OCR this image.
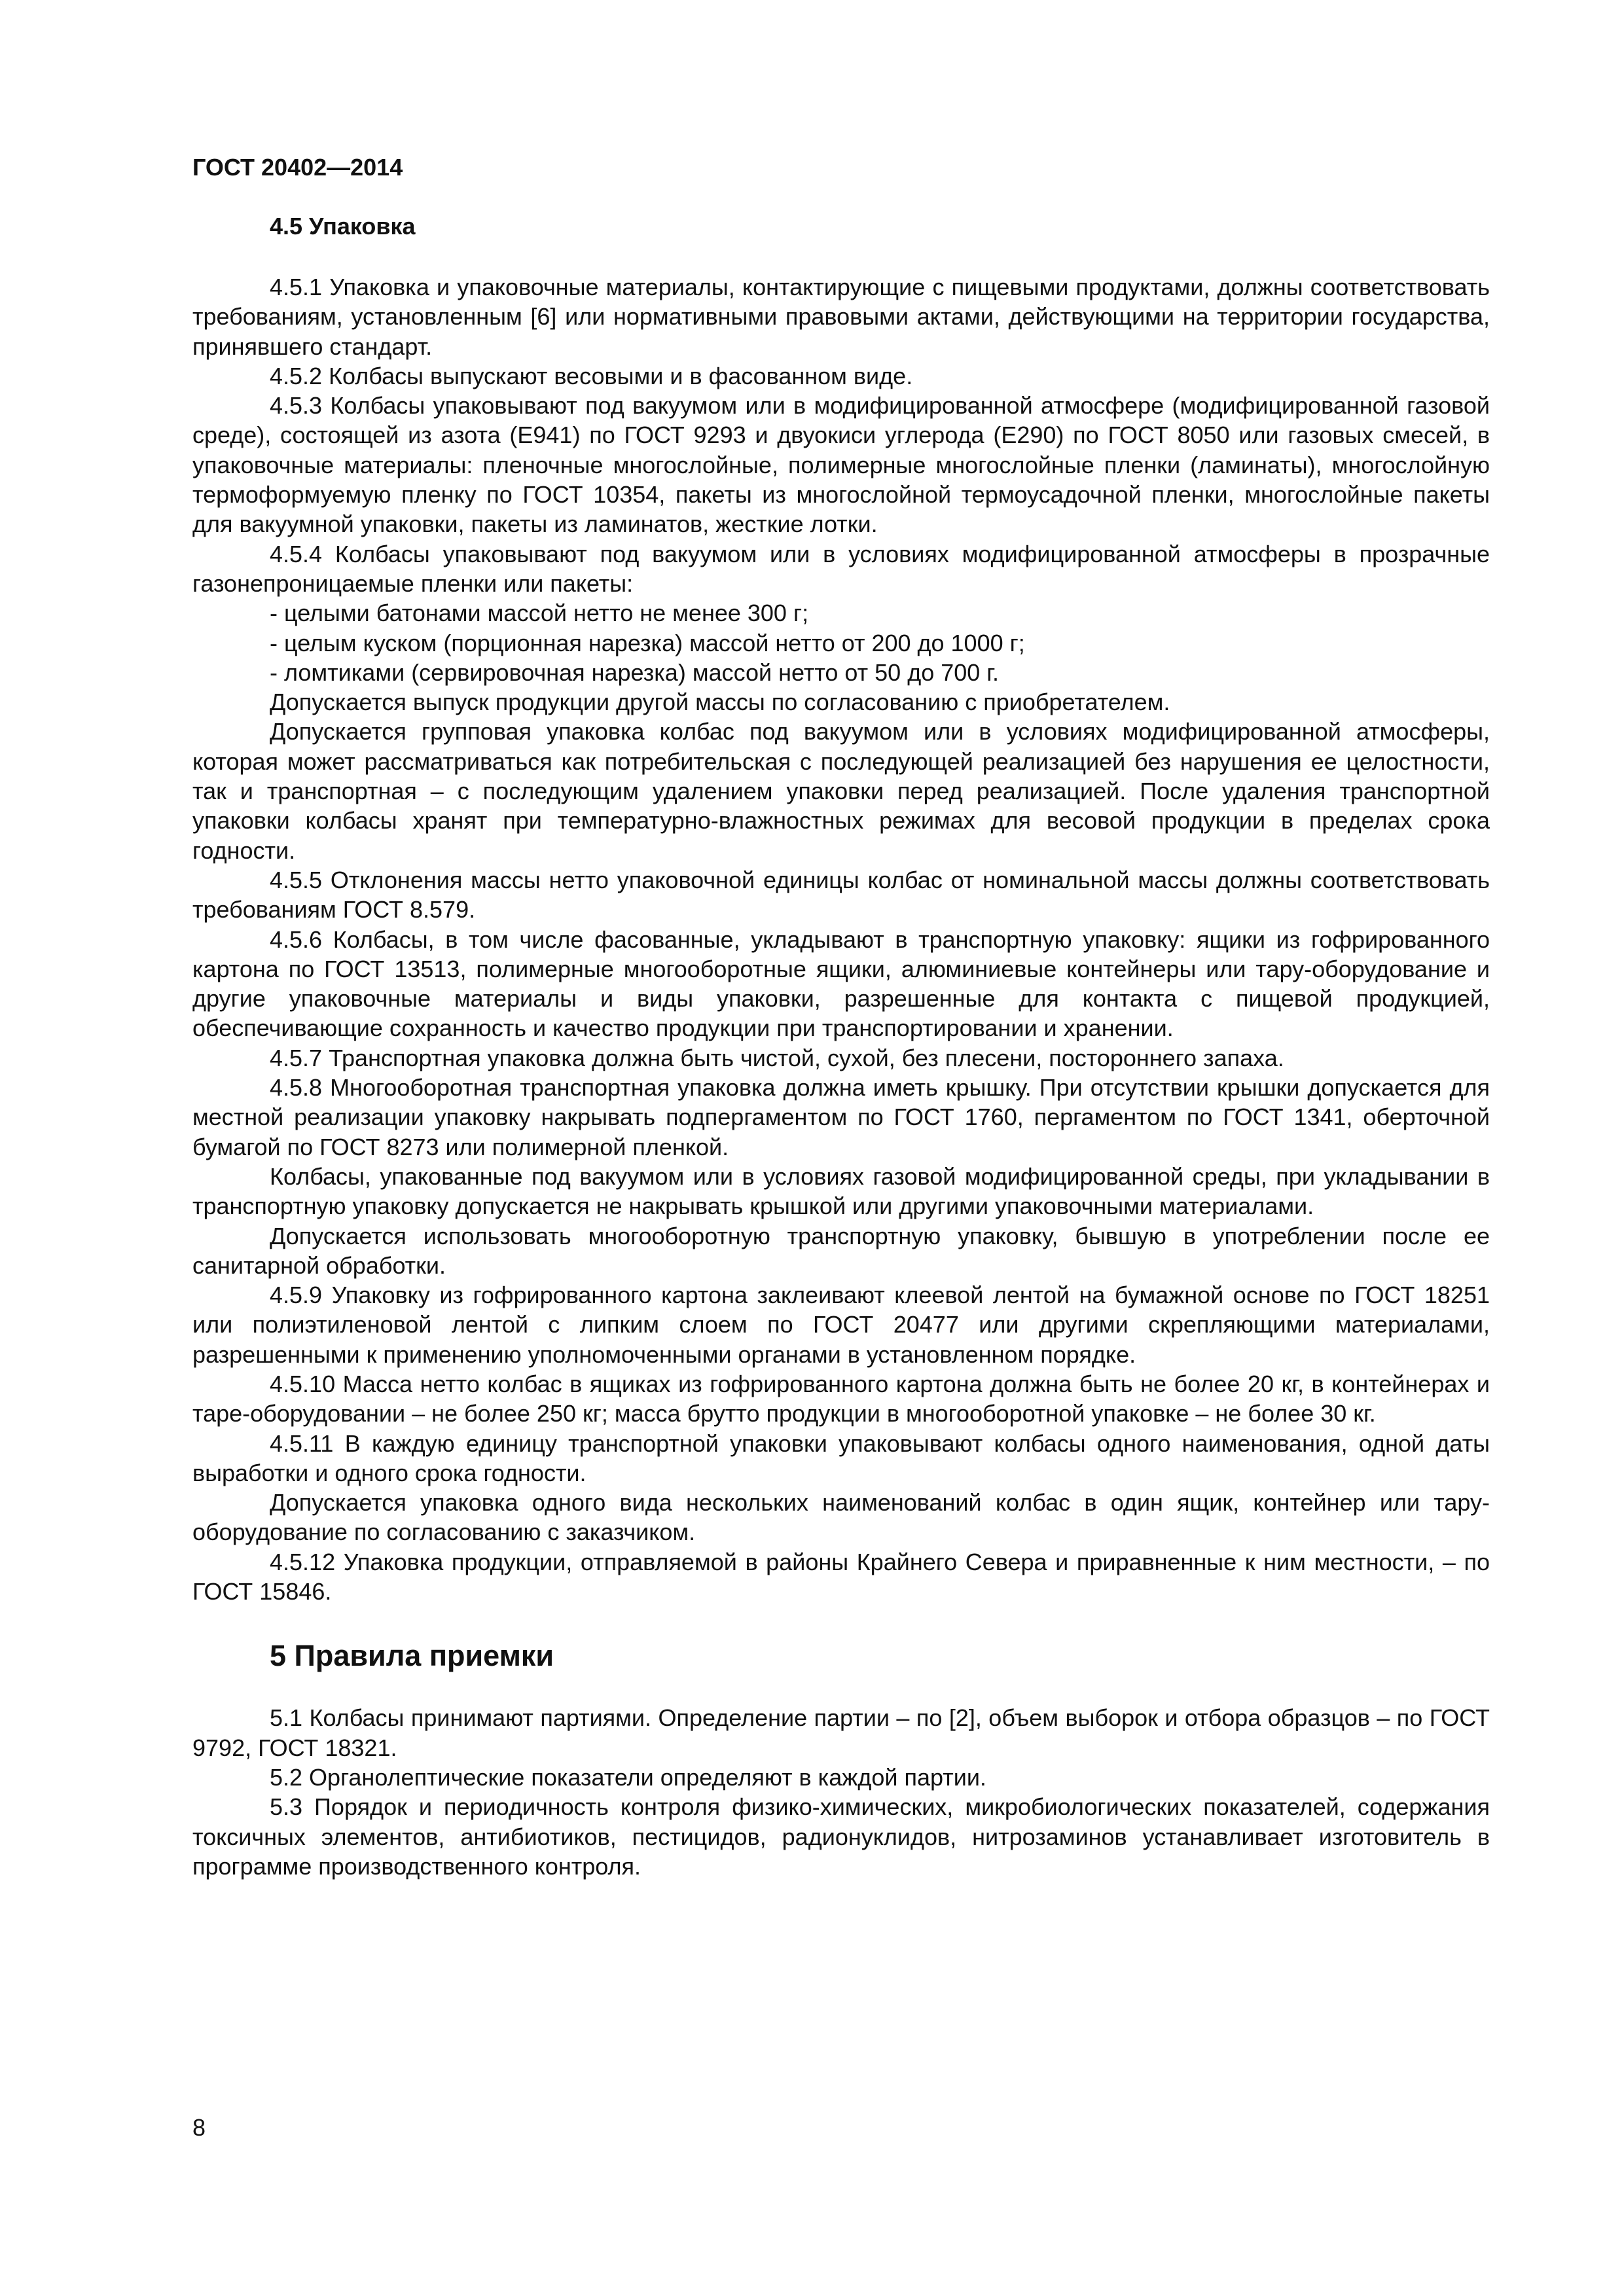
ГОСТ 20402—2014
4.5 Упаковка

4.5.1 Упаковка и упаковочные материалы, контактирующие с пищевыми продуктами, должны соответствовать требованиям, установленным [6] или нормативными правовыми актами, действующими на территории государства, принявшего стандарт.

4.5.2 Колбасы выпускают весовыми и в фасованном виде.

4.5.3 Колбасы упаковывают под вакуумом или в модифицированной атмосфере (модифицированной газовой среде), состоящей из азота (Е941) по ГОСТ 9293 и двуокиси углерода (Е290) по ГОСТ 8050 или газовых смесей, в упаковочные материалы: пленочные многослойные, полимерные многослойные пленки (ламинаты), многослойную термоформуемую пленку по ГОСТ 10354, пакеты из многослойной термоусадочной пленки, многослойные пакеты для вакуумной упаковки, пакеты из ламинатов, жесткие лотки.

4.5.4 Колбасы упаковывают под вакуумом или в условиях модифицированной атмосферы в прозрачные газонепроницаемые пленки или пакеты:

- целыми батонами массой нетто не менее 300 г;

- целым куском (порционная нарезка) массой нетто от 200 до 1000 г;

- ломтиками (сервировочная нарезка) массой нетто от 50 до 700 г.

Допускается выпуск продукции другой массы по согласованию с приобретателем.

Допускается групповая упаковка колбас под вакуумом или в условиях модифицированной атмосферы, которая может рассматриваться как потребительская с последующей реализацией без нарушения ее целостности, так и транспортная – с последующим удалением упаковки перед реализацией. После удаления транспортной упаковки колбасы хранят при температурно-влажностных режимах для весовой продукции в пределах срока годности.

4.5.5 Отклонения массы нетто упаковочной единицы колбас от номинальной массы должны соответствовать требованиям ГОСТ 8.579.

4.5.6 Колбасы, в том числе фасованные, укладывают в транспортную упаковку: ящики из гофрированного картона по ГОСТ 13513, полимерные многооборотные ящики, алюминиевые контейнеры или тару-оборудование и другие упаковочные материалы и виды упаковки, разрешенные для контакта с пищевой продукцией, обеспечивающие сохранность и качество продукции при транспортировании и хранении.

4.5.7 Транспортная упаковка должна быть чистой, сухой, без плесени, постороннего запаха.

4.5.8 Многооборотная транспортная упаковка должна иметь крышку. При отсутствии крышки допускается для местной реализации упаковку накрывать подпергаментом по ГОСТ 1760, пергаментом по ГОСТ 1341, оберточной бумагой по ГОСТ 8273 или полимерной пленкой.

Колбасы, упакованные под вакуумом или в условиях газовой модифицированной среды, при укладывании в транспортную упаковку допускается не накрывать крышкой или другими упаковочными материалами.

Допускается использовать многооборотную транспортную упаковку, бывшую в употреблении после ее санитарной обработки.

4.5.9 Упаковку из гофрированного картона заклеивают клеевой лентой на бумажной основе по ГОСТ 18251 или полиэтиленовой лентой с липким слоем по ГОСТ 20477 или другими скрепляющими материалами, разрешенными к применению уполномоченными органами в установленном порядке.

4.5.10 Масса нетто колбас в ящиках из гофрированного картона должна быть не более 20 кг, в контейнерах и таре-оборудовании – не более 250 кг; масса брутто продукции в многооборотной упаковке – не более 30 кг.

4.5.11 В каждую единицу транспортной упаковки упаковывают колбасы одного наименования, одной даты выработки и одного срока годности.

Допускается упаковка одного вида нескольких наименований колбас в один ящик, контейнер или тару-оборудование по согласованию с заказчиком.

4.5.12 Упаковка продукции, отправляемой в районы Крайнего Севера и приравненные к ним местности, – по ГОСТ 15846.

5 Правила приемки

5.1 Колбасы принимают партиями. Определение партии – по [2], объем выборок и отбора образцов – по ГОСТ 9792, ГОСТ 18321.

5.2 Органолептические показатели определяют в каждой партии.

5.3 Порядок и периодичность контроля физико-химических, микробиологических показателей, содержания токсичных элементов, антибиотиков, пестицидов, радионуклидов, нитрозаминов устанавливает изготовитель в программе производственного контроля.

8
